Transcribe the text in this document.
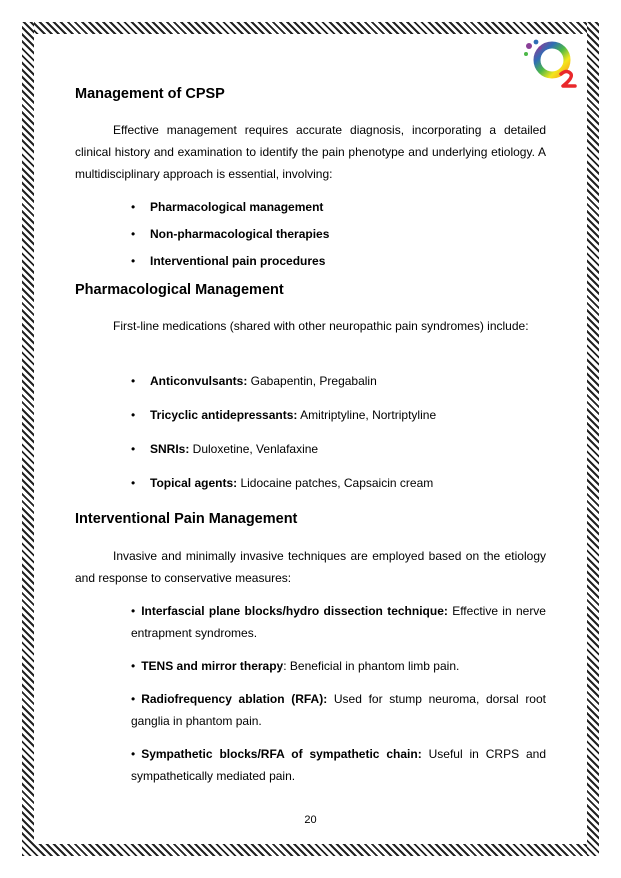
Management of CPSP

Effective management requires accurate diagnosis, incorporating a detailed clinical history and examination to identify the pain phenotype and underlying etiology. A multidisciplinary approach is essential, involving:

• Pharmacological management
• Non-pharmacological therapies
• Interventional pain procedures
Pharmacological Management

First-line medications (shared with other neuropathic pain syndromes) include:

• Anticonvulsants: Gabapentin, Pregabalin
• Tricyclic antidepressants: Amitriptyline, Nortriptyline
• SNRIs: Duloxetine, Venlafaxine
• Topical agents: Lidocaine patches, Capsaicin cream
Interventional Pain Management

Invasive and minimally invasive techniques are employed based on the etiology and response to conservative measures:

• Interfascial plane blocks/hydro dissection technique: Effective in nerve entrapment syndromes.
• TENS and mirror therapy: Beneficial in phantom limb pain.
• Radiofrequency ablation (RFA): Used for stump neuroma, dorsal root ganglia in phantom pain.
• Sympathetic blocks/RFA of sympathetic chain: Useful in CRPS and sympathetically mediated pain.
20
